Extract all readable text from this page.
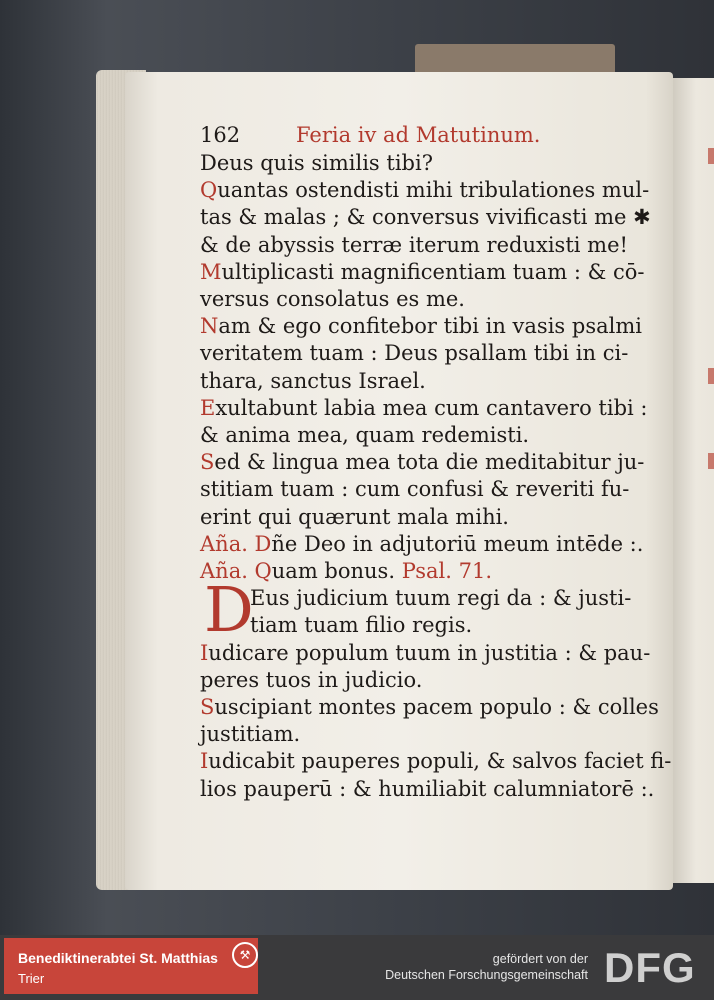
162	Feria iv ad Matutinum.
Deus quis similis tibi?
Quantas ostendisti mihi tribulationes mul-
tas & malas ; & conversus vivificasti me ✱
& de abyssis terræ iterum reduxisti me!
Multiplicasti magnificentiam tuam : & cō-
versus consolatus es me.
Nam & ego confitebor tibi in vasis psalmi
veritatem tuam : Deus psallam tibi in ci-
thara, sanctus Israel.
Exultabunt labia mea cum cantavero tibi :
& anima mea, quam redemisti.
Sed & lingua mea tota die meditabitur ju-
stitiam tuam : cum confusi & reveriti fu-
erint qui quærunt mala mihi.
Aña. Dñe Deo in adjutoriū meum intēde :.
Aña. Quam bonus. Psal. 71.
D
Eus judicium tuum regi da : & justi-
tiam tuam filio regis.
Iudicare populum tuum in justitia : & pau-
peres tuos in judicio.
Suscipiant montes pacem populo : & colles
justitiam.
Iudicabit pauperes populi, & salvos faciet fi-
lios pauperū : & humiliabit calumniatorē :.
Benediktinerabtei St. Matthias
Trier
⚒	gefördert von der
Deutschen Forschungsgemeinschaft DFG
